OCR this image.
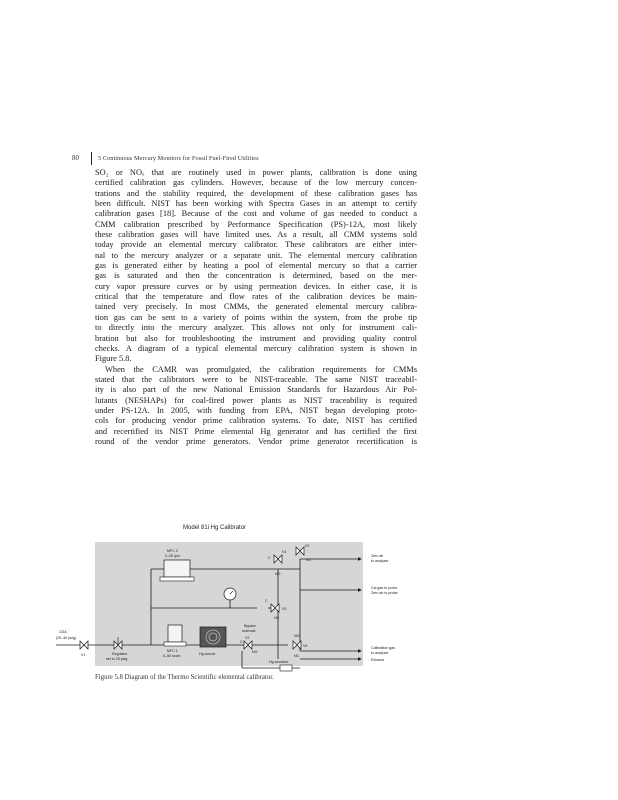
80	5 Continuous Mercury Monitors for Fossil Fuel-Fired Utilities
SO₂ or NOₓ that are routinely used in power plants, calibration is done using
certified calibration gas cylinders. However, because of the low mercury concen-
trations and the stability required, the development of these calibration gases has
been difficult. NIST has been working with Spectra Gases in an attempt to certify
calibration gases [18]. Because of the cost and volume of gas needed to conduct a
CMM calibration prescribed by Performance Specification (PS)-12A, most likely
these calibration gases will have limited uses. As a result, all CMM systems sold
today provide an elemental mercury calibrator. These calibrators are either inter-
nal to the mercury analyzer or a separate unit. The elemental mercury calibration
gas is generated either by heating a pool of elemental mercury so that a carrier
gas is saturated and then the concentration is determined, based on the mer-
cury vapor pressure curves or by using permeation devices. In either case, it is
critical that the temperature and flow rates of the calibration devices be main-
tained very precisely. In most CMMs, the generated elemental mercury calibra-
tion gas can be sent to a variety of points within the system, from the probe tip
to directly into the mercury analyzer. This allows not only for instrument cali-
bration but also for troubleshooting the instrument and providing quality control
checks. A diagram of a typical elemental mercury calibration system is shown in
Figure 5.8.
When the CAMR was promulgated, the calibration requirements for CMMs
stated that the calibrators were to be NIST-traceable. The same NIST traceabil-
ity is also part of the new National Emission Standards for Hazardous Air Pol-
lutants (NESHAPs) for coal-fired power plants as NIST traceability is required
under PS-12A. In 2005, with funding from EPA, NIST began developing proto-
cols for producing vendor prime calibration systems. To date, NIST has certified
and recertified its NIST Prime elemental Hg generator and has certified the first
round of the vendor prime generators. Vendor prime generator recertification is
Model 81i Hg Calibrator
MFC 2
0–20 lpm
MFC 1
0–50 sccm
CDA
(20–40 psig)
Regulator
set to 25 psig
Hg source
Bypass
solenoid
Hg scrubber
V1
V4
V3
V5
V2
V2
C
NO
NC
C
NC
NO
NC
C
NO
Zero air
to analyzer
Cal gas to probe
Zero air to probe
Calibration gas
to analyzer
Exhaust
Figure 5.8 Diagram of the Thermo Scientific elemental calibrator.
